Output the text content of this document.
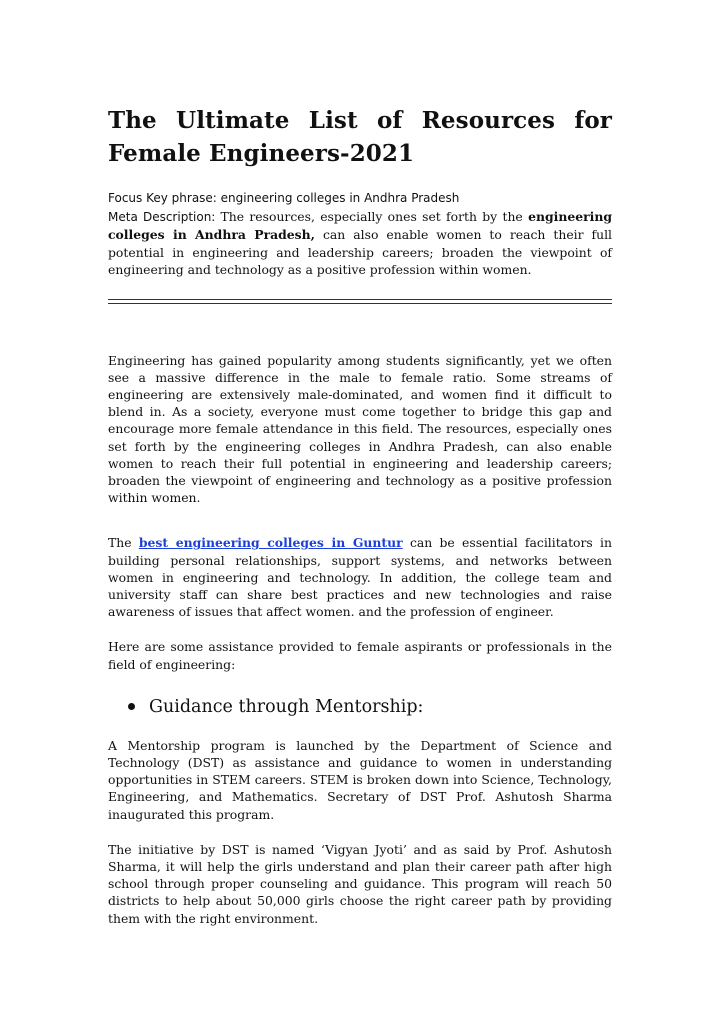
The Ultimate List of Resources for Female Engineers-2021
Focus Key phrase: engineering colleges in Andhra Pradesh
Meta Description: The resources, especially ones set forth by the engineering colleges in Andhra Pradesh, can also enable women to reach their full potential in engineering and leadership careers; broaden the viewpoint of engineering and technology as a positive profession within women.

Engineering has gained popularity among students significantly, yet we often see a massive difference in the male to female ratio. Some streams of engineering are extensively male-dominated, and women find it difficult to blend in. As a society, everyone must come together to bridge this gap and encourage more female attendance in this field. The resources, especially ones set forth by the engineering colleges in Andhra Pradesh, can also enable women to reach their full potential in engineering and leadership careers; broaden the viewpoint of engineering and technology as a positive profession within women.

The best engineering colleges in Guntur can be essential facilitators in building personal relationships, support systems, and networks between women in engineering and technology. In addition, the college team and university staff can share best practices and new technologies and raise awareness of issues that affect women. and the profession of engineer.

Here are some assistance provided to female aspirants or professionals in the field of engineering:

Guidance through Mentorship:

A Mentorship program is launched by the Department of Science and Technology (DST) as assistance and guidance to women in understanding opportunities in STEM careers. STEM is broken down into Science, Technology, Engineering, and Mathematics. Secretary of DST Prof. Ashutosh Sharma inaugurated this program.

The initiative by DST is named ‘Vigyan Jyoti’ and as said by Prof. Ashutosh Sharma, it will help the girls understand and plan their career path after high school through proper counseling and guidance. This program will reach 50 districts to help about 50,000 girls choose the right career path by providing them with the right environment.
